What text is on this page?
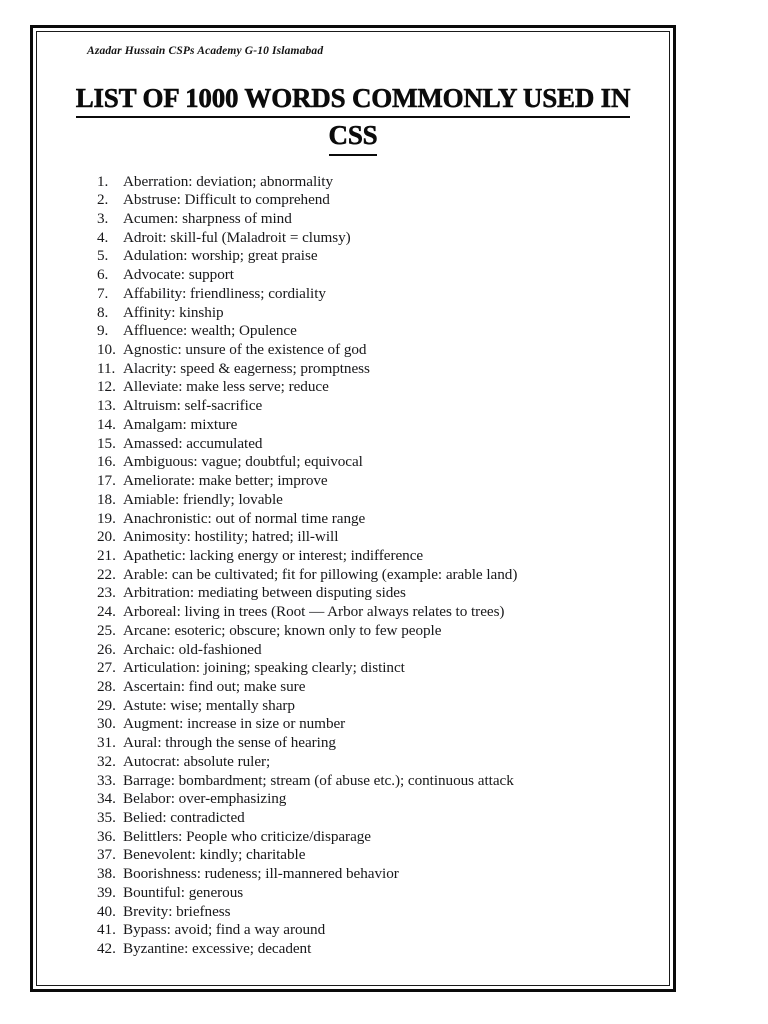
Azadar Hussain CSPs Academy G-10 Islamabad
LIST OF 1000 WORDS COMMONLY USED IN
CSS
1. Aberration: deviation; abnormality
2. Abstruse: Difficult to comprehend
3. Acumen: sharpness of mind
4. Adroit: skill-ful (Maladroit = clumsy)
5. Adulation: worship; great praise
6. Advocate: support
7. Affability: friendliness; cordiality
8. Affinity: kinship
9. Affluence: wealth; Opulence
10. Agnostic: unsure of the existence of god
11. Alacrity: speed & eagerness; promptness
12. Alleviate: make less serve; reduce
13. Altruism: self-sacrifice
14. Amalgam: mixture
15. Amassed: accumulated
16. Ambiguous: vague; doubtful; equivocal
17. Ameliorate: make better; improve
18. Amiable: friendly; lovable
19. Anachronistic: out of normal time range
20. Animosity: hostility; hatred; ill-will
21. Apathetic: lacking energy or interest; indifference
22. Arable: can be cultivated; fit for pillowing (example: arable land)
23. Arbitration: mediating between disputing sides
24. Arboreal: living in trees (Root — Arbor always relates to trees)
25. Arcane: esoteric; obscure; known only to few people
26. Archaic: old-fashioned
27. Articulation: joining; speaking clearly; distinct
28. Ascertain: find out; make sure
29. Astute: wise; mentally sharp
30. Augment: increase in size or number
31. Aural: through the sense of hearing
32. Autocrat: absolute ruler;
33. Barrage: bombardment; stream (of abuse etc.); continuous attack
34. Belabor: over-emphasizing
35. Belied: contradicted
36. Belittlers: People who criticize/disparage
37. Benevolent: kindly; charitable
38. Boorishness: rudeness; ill-mannered behavior
39. Bountiful: generous
40. Brevity: briefness
41. Bypass: avoid; find a way around
42. Byzantine: excessive; decadent
